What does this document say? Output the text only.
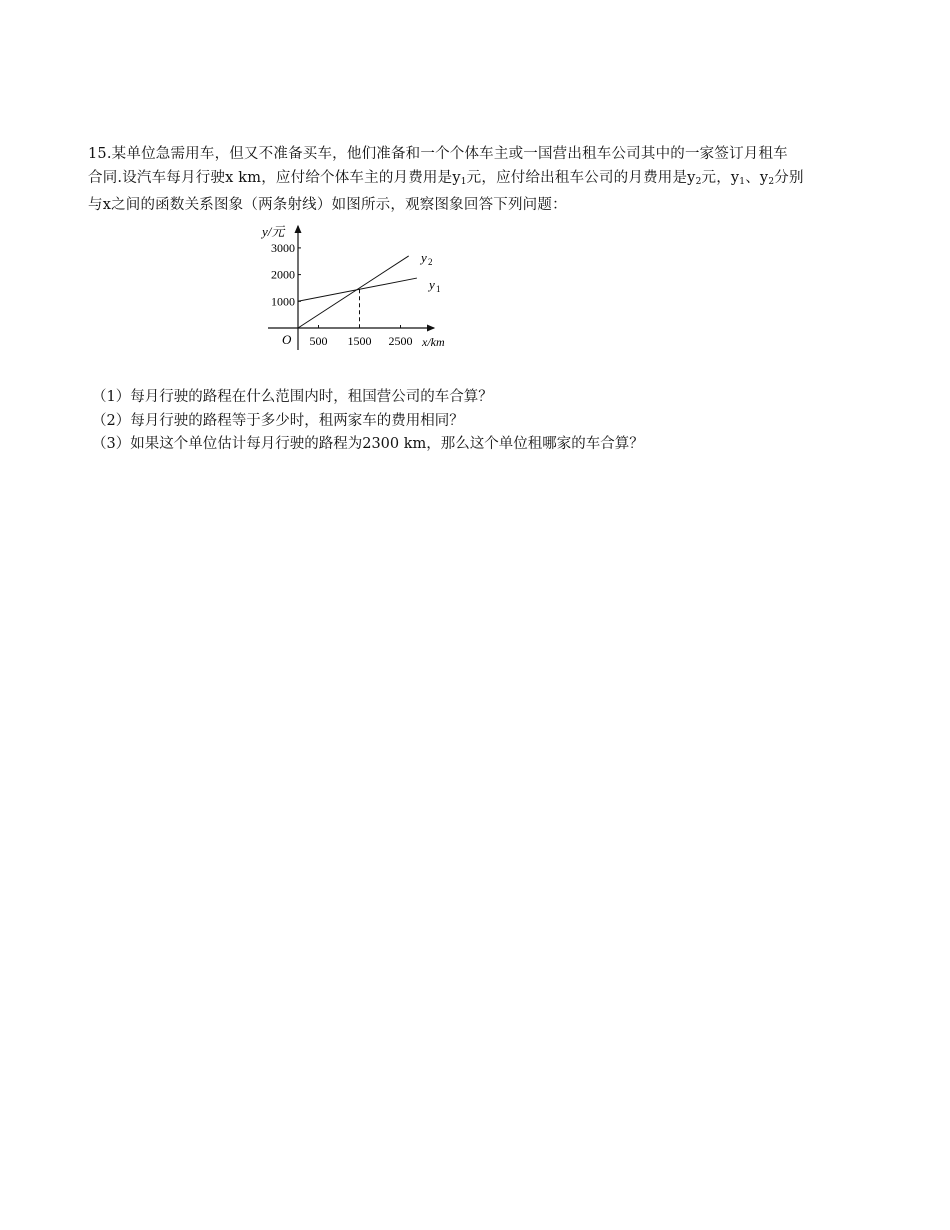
15.某单位急需用车，但又不准备买车，他们准备和一个个体车主或一国营出租车公司其中的一家签订月租车

合同.设汽车每月行驶x km，应付给个体车主的月费用是$y_1$元，应付给出租车公司的月费用是$y_2$元，$y_1$、$y_2$分别

与x之间的函数关系图象（两条射线）如图所示，观察图象回答下列问题：

y/元
x/km
O 500 1500 2500
1000
2000
3000
y 2
y 1

（1）每月行驶的路程在什么范围内时，租国营公司的车合算？

（2）每月行驶的路程等于多少时，租两家车的费用相同？

（3）如果这个单位估计每月行驶的路程为2300 km，那么这个单位租哪家的车合算？
